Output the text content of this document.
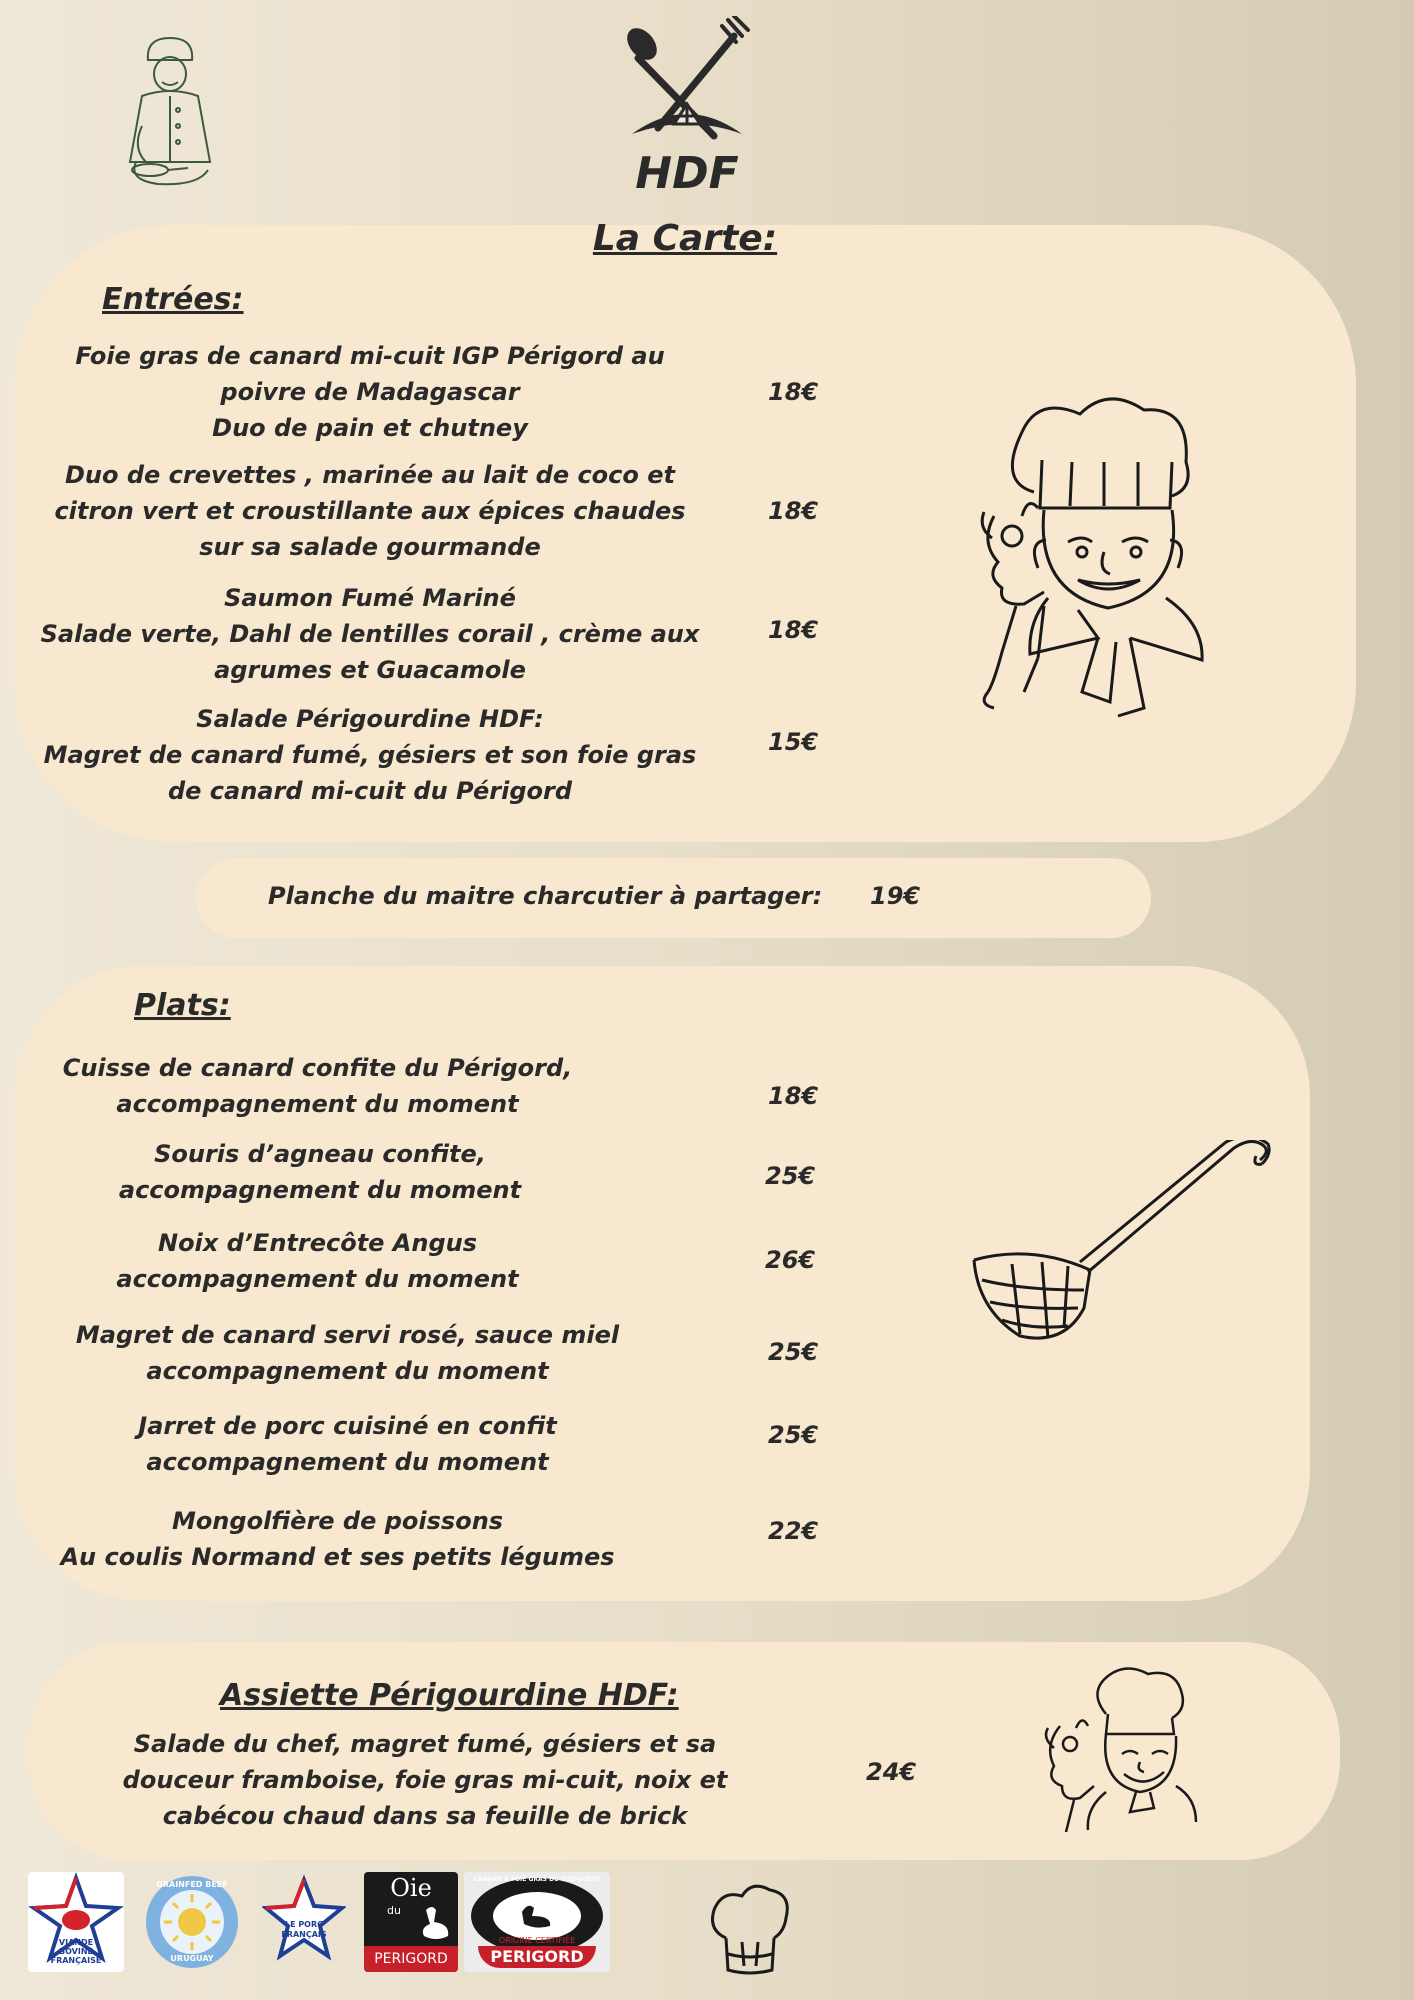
HDF
La Carte:
Entrées:
Foie gras de canard mi-cuit IGP Périgord au
poivre de Madagascar
Duo de pain et chutney
18€
Duo de crevettes , marinée au lait de coco et
citron vert et croustillante aux épices chaudes
sur sa salade gourmande
18€
Saumon Fumé Mariné
Salade verte, Dahl de lentilles corail , crème aux
agrumes et Guacamole
18€
Salade Périgourdine HDF:
Magret de canard fumé, gésiers et son foie gras
de canard mi-cuit du Périgord
15€
Planche du maitre charcutier à partager: 19€
Plats:
Cuisse de canard confite du Périgord,
accompagnement du moment	18€
Souris d’agneau confite,
accompagnement du moment	25€
Noix d’Entrecôte Angus
accompagnement du moment
26€
Magret de canard servi rosé, sauce miel
accompagnement du moment
25€
Jarret de porc cuisiné en confit
accompagnement du moment
25€
Mongolfière de poissons
Au coulis Normand et ses petits légumes
22€
Assiette Périgourdine HDF:
Salade du chef, magret fumé, gésiers et sa
douceur framboise, foie gras mi-cuit, noix et
cabécou chaud dans sa feuille de brick
24€
VIANDE
BOVINE
FRANÇAISE
GRAINFED BEEF
URUGUAY
LE PORC
FRANÇAIS
Oie
du
PERIGORD
CANARD À FOIE GRAS DU SUD-OUEST
ORIGINE CERTIFIÉE
PERIGORD
